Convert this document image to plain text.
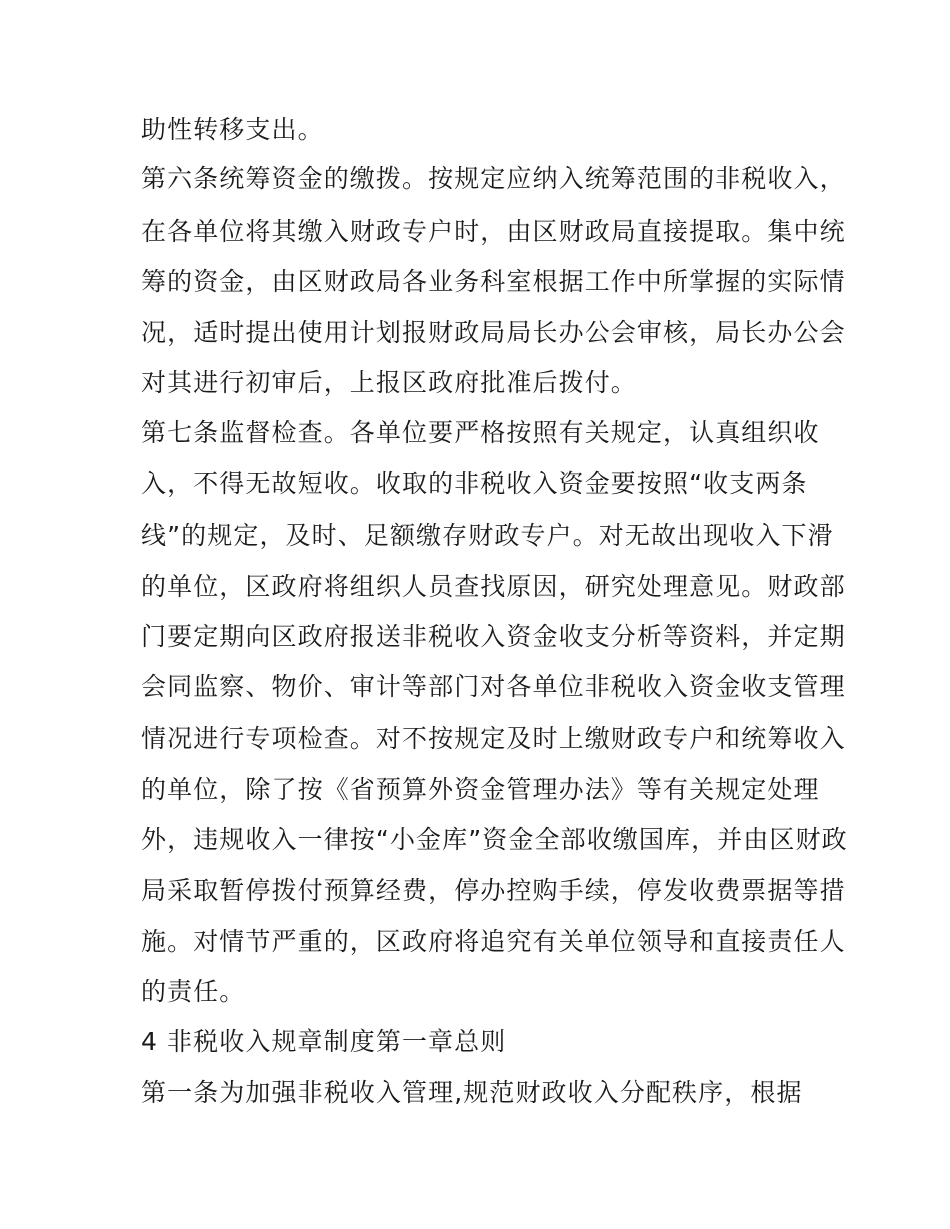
助性转移支出。
第六条统筹资金的缴拨。按规定应纳入统筹范围的非税收入，
在各单位将其缴入财政专户时，由区财政局直接提取。集中统
筹的资金，由区财政局各业务科室根据工作中所掌握的实际情
况，适时提出使用计划报财政局局长办公会审核，局长办公会
对其进行初审后，上报区政府批准后拨付。
第七条监督检查。各单位要严格按照有关规定，认真组织收
入，不得无故短收。收取的非税收入资金要按照“收支两条
线”的规定，及时、足额缴存财政专户。对无故出现收入下滑
的单位，区政府将组织人员查找原因，研究处理意见。财政部
门要定期向区政府报送非税收入资金收支分析等资料，并定期
会同监察、物价、审计等部门对各单位非税收入资金收支管理
情况进行专项检查。对不按规定及时上缴财政专户和统筹收入
的单位，除了按《省预算外资金管理办法》等有关规定处理
外，违规收入一律按“小金库”资金全部收缴国库，并由区财政
局采取暂停拨付预算经费，停办控购手续，停发收费票据等措
施。对情节严重的，区政府将追究有关单位领导和直接责任人
的责任。
4 非税收入规章制度第一章总则
第一条为加强非税收入管理,规范财政收入分配秩序，根据
